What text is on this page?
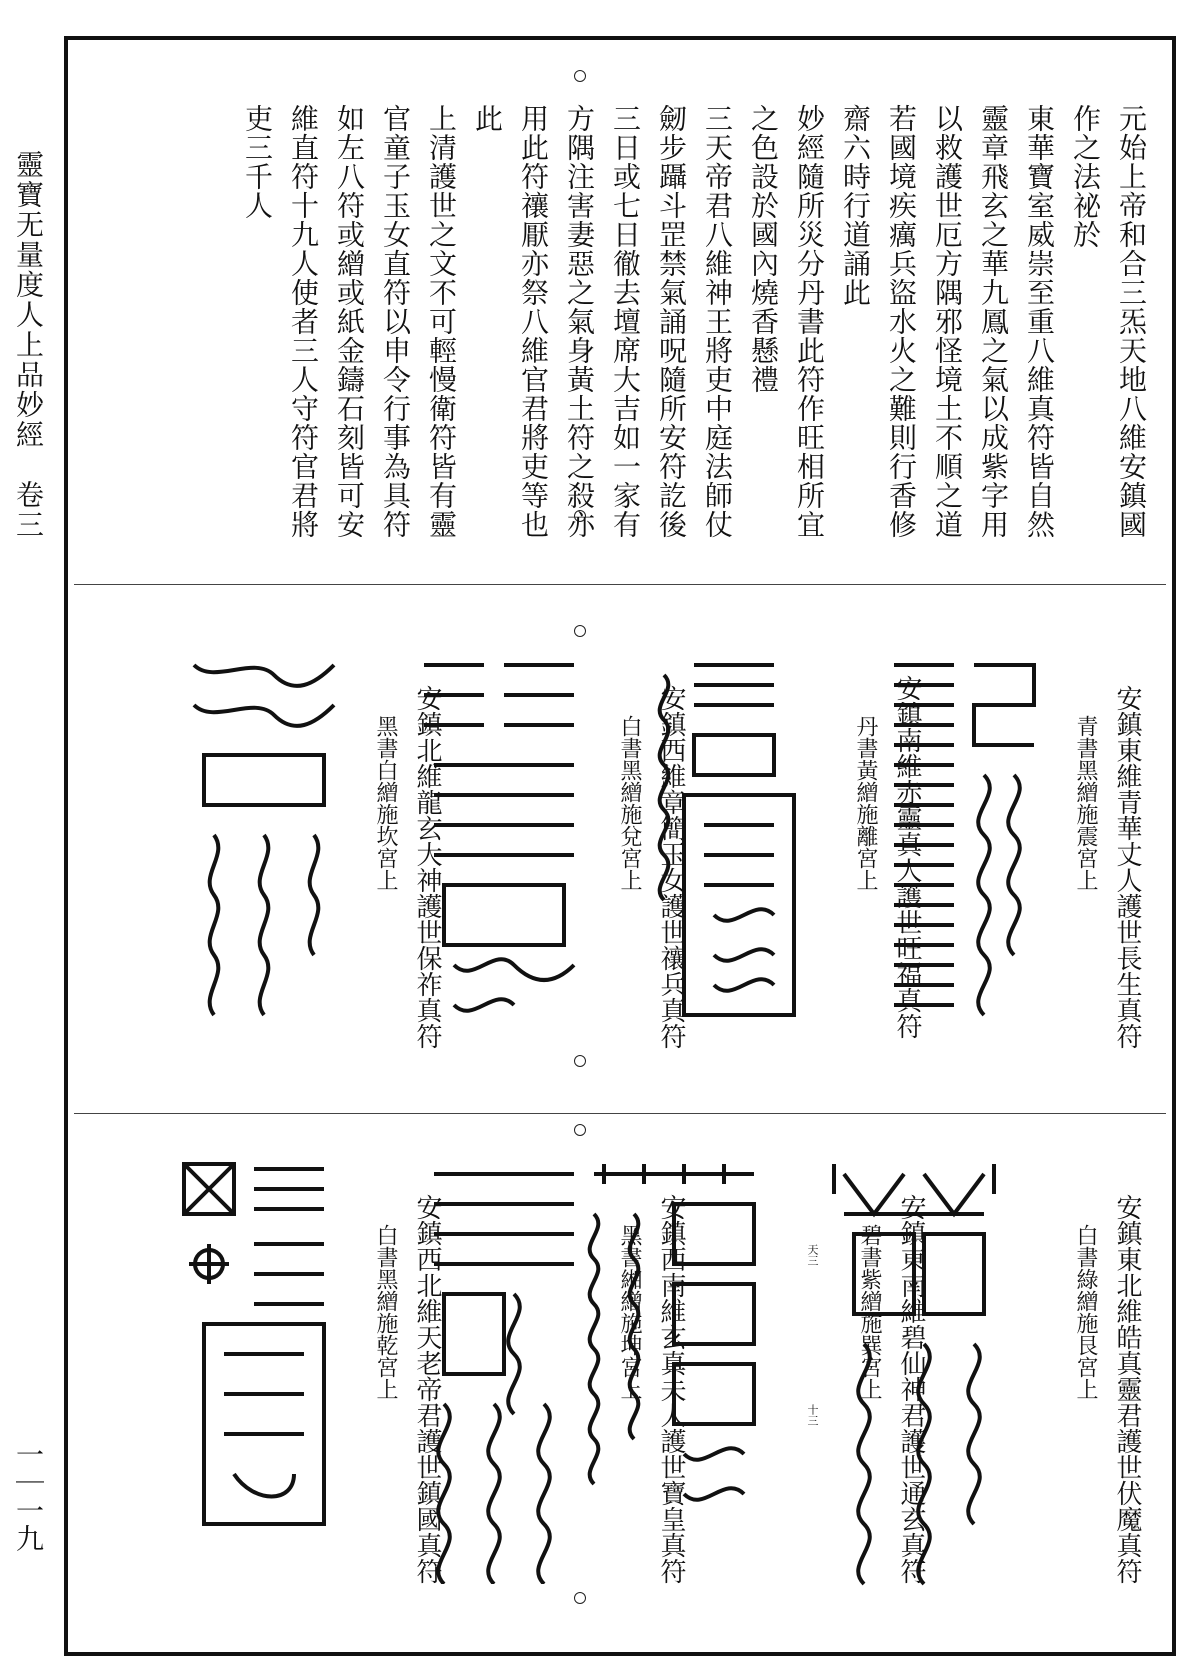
靈寶无量度人上品妙經　卷三
一｜一九
元始上帝和合三炁天地八維安鎮國
作之法祕於
東華寶室威崇至重八維真符皆自然
靈章飛玄之華九鳳之氣以成紫字用
以救護世厄方隅邪怪境土不順之道
若國境疾癘兵盜水火之難則行香修
齋六時行道誦此
妙經隨所災分丹書此符作旺相所宜
之色設於國內燒香懸禮
三天帝君八維神王將吏中庭法師仗
劒步躡斗罡禁氣誦呪隨所安符訖後
三日或七日徹去壇席大吉如一家有
方隅注害妻惡之氣身黃土符之殺亦
用此符禳厭亦祭八維官君將吏等也
此
上清護世之文不可輕慢衛符皆有靈
官童子玉女直符以申令行事為具符
如左八符或繒或紙金鑄石刻皆可安
維直符十九人使者三人守符官君將
吏三千人
安鎮東維青華丈人護世長生真符
青書黑繒施震宮上
安鎮南維赤靈真人護世旺福真符
丹書黃繒施離宮上
安鎮西維章簡玉女護世禳兵真符
白書黑繒施兌宮上
安鎮北維龍玄大神護世保祚真符
黑書白繒施坎宮上
天三
十三	安鎮東北維皓真靈君護世伏魔真符
白書綠繒施艮宮上
安鎮東南維碧仙神君護世通玄真符
碧書紫繒施巽宮上
安鎮西南維玄真夫人護世寶皇真符
黑書緗繒施坤宮上
安鎮西北維天老帝君護世鎮國真符
白書黑繒施乾宮上
